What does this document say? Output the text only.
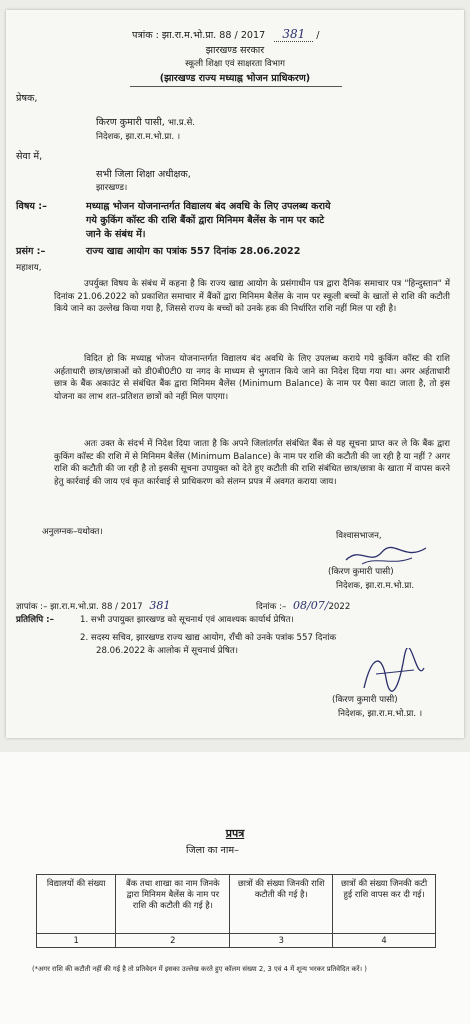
पत्रांक : झा.रा.म.भो.प्रा. 88 / 2017 381 /
झारखण्ड सरकार
स्कूली शिक्षा एवं साक्षरता विभाग
(झारखण्ड राज्य मध्याह्न भोजन प्राधिकरण)
प्रेषक,
किरण कुमारी पासी, भा.प्र.से.
निदेशक, झा.रा.म.भो.प्रा. ।
सेवा में,
सभी जिला शिक्षा अधीक्षक,
झारखण्ड।
विषय :–	मध्याह्न भोजन योजनान्तर्गत विद्यालय बंद अवधि के लिए उपलब्ध कराये
गये कुकिंग कॉस्ट की राशि बैंकों द्वारा मिनिमम बैलेंस के नाम पर काटे
जाने के संबंध में।
प्रसंग :–	राज्य खाद्य आयोग का पत्रांक 557 दिनांक 28.06.2022
महाशय,
उपर्युक्त विषय के संबंध में कहना है कि राज्य खाद्य आयोग के प्रसंगाधीन पत्र द्वारा दैनिक समाचार पत्र "हिन्दुस्तान" में दिनांक 21.06.2022 को प्रकाशित समाचार में बैंकों द्वारा मिनिमम बैलेंस के नाम पर स्कूली बच्चों के खातों से राशि की कटौती किये जाने का उल्लेख किया गया है, जिससे राज्य के बच्चों को उनके हक की निर्धारित राशि नहीं मिल पा रही है।
विदित हो कि मध्याह्न भोजन योजनान्तर्गत विद्यालय बंद अवधि के लिए उपलब्ध कराये गये कुकिंग कॉस्ट की राशि अर्हताधारी छात्र/छात्राओं को डी0बी0टी0 या नगद के माध्यम से भुगतान किये जाने का निदेश दिया गया था। अगर अर्हताधारी छात्र के बैंक अकाउंट से संबंधित बैंक द्वारा मिनिमम बैलेंस (Minimum Balance) के नाम पर पैसा काटा जाता है, तो इस योजना का लाभ शत–प्रतिशत छात्रों को नहीं मिल पाएगा।
अतः उक्त के संदर्भ में निदेश दिया जाता है कि अपने जिलांतर्गत संबंधित बैंक से यह सूचना प्राप्त कर ले कि बैंक द्वारा कुकिंग कॉस्ट की राशि में से मिनिमम बैलेंस (Minimum Balance) के नाम पर राशि की कटौती की जा रही है या नहीं ? अगर राशि की कटौती की जा रही है तो इसकी सूचना उपायुक्त को देते हुए कटौती की राशि संबंधित छात्र/छात्रा के खाता में वापस करने हेतु कार्रवाई की जाय एवं कृत कार्रवाई से प्राधिकरण को संलग्न प्रपत्र में अवगत कराया जाय।
अनुलग्नक–यथोक्त।	विश्वासभाजन,
(किरण कुमारी पासी)
निदेशक, झा.रा.म.भो.प्रा.
ज्ञापांक :– झा.रा.म.भो.प्रा. 88 / 2017 381	दिनांक :– 08/07/2022
प्रतिलिपि :–	1. सभी उपायुक्त झारखण्ड को सूचनार्थ एवं आवश्यक कार्यार्थ प्रेषित।
2. सदस्य सचिव, झारखण्ड राज्य खाद्य आयोग, राँची को उनके पत्रांक 557 दिनांक
28.06.2022 के आलोक में सूचनार्थ प्रेषित।
(किरण कुमारी पासी)
निदेशक, झा.रा.म.भो.प्रा. ।
प्रपत्र
जिला का नाम–
विद्यालयों की संख्या	बैंक तथा शाखा का नाम जिनके द्वारा मिनिमम बैलेंस के नाम पर राशि की कटौती की गई है।	छात्रों की संख्या जिनकी राशि कटौती की गई है।	छात्रों की संख्या जिनकी कटी हुई राशि वापस कर दी गई।
1	2	3	4
(*अगर राशि की कटौती नहीं की गई है तो प्रतिवेदन में इसका उल्लेख करते हुए कॉलम संख्या 2, 3 एवं 4 में शून्य भरकर प्रतिवेदित करें। )
